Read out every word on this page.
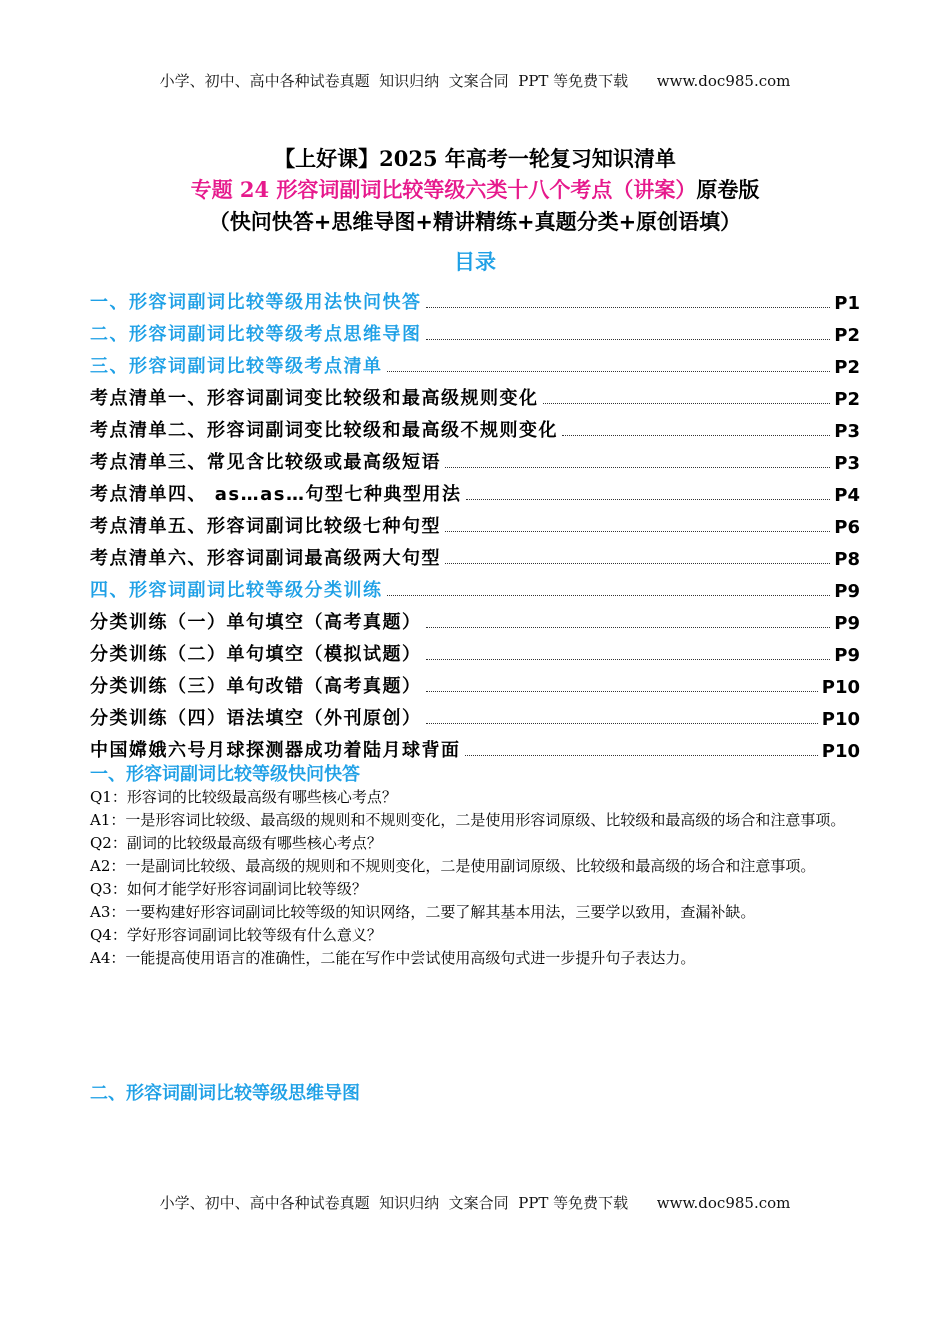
小学、初中、高中各种试卷真题  知识归纳  文案合同  PPT 等免费下载      www.doc985.com
【上好课】2025 年高考一轮复习知识清单
专题 24 形容词副词比较等级六类十八个考点（讲案）原卷版
（快问快答+思维导图+精讲精练+真题分类+原创语填）
目录
一、形容词副词比较等级用法快问快答	P1
二、形容词副词比较等级考点思维导图	P2
三、形容词副词比较等级考点清单	P2
考点清单一、形容词副词变比较级和最高级规则变化	P2
考点清单二、形容词副词变比较级和最高级不规则变化	P3
考点清单三、常见含比较级或最高级短语	P3
考点清单四、 as…as…句型七种典型用法	P4
考点清单五、形容词副词比较级七种句型	P6
考点清单六、形容词副词最高级两大句型	P8
四、形容词副词比较等级分类训练	P9
分类训练（一）单句填空（高考真题）	P9
分类训练（二）单句填空（模拟试题）	P9
分类训练（三）单句改错（高考真题）	P10
分类训练（四）语法填空（外刊原创）	P10
中国嫦娥六号月球探测器成功着陆月球背面	P10
一、形容词副词比较等级快问快答

Q1：形容词的比较级最高级有哪些核心考点？

A1：一是形容词比较级、最高级的规则和不规则变化，二是使用形容词原级、比较级和最高级的场合和注意事项。

Q2：副词的比较级最高级有哪些核心考点？

A2：一是副词比较级、最高级的规则和不规则变化，二是使用副词原级、比较级和最高级的场合和注意事项。

Q3：如何才能学好形容词副词比较等级？

A3：一要构建好形容词副词比较等级的知识网络，二要了解其基本用法，三要学以致用，查漏补缺。

Q4：学好形容词副词比较等级有什么意义？

A4：一能提高使用语言的准确性，二能在写作中尝试使用高级句式进一步提升句子表达力。

二、形容词副词比较等级思维导图
小学、初中、高中各种试卷真题  知识归纳  文案合同  PPT 等免费下载      www.doc985.com
